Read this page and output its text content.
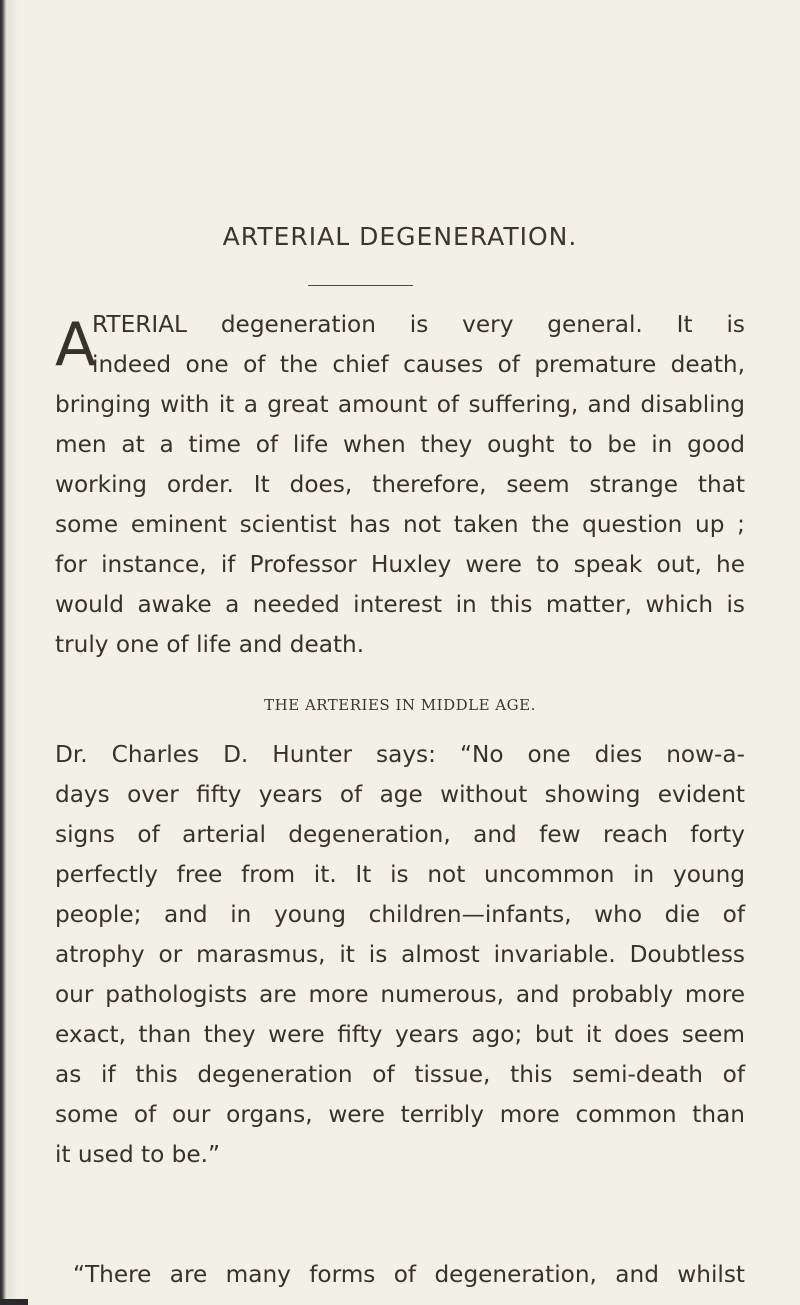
ARTERIAL DEGENERATION.
A
RTERIAL degeneration is very general. It is
indeed one of the chief causes of premature death,
bringing with it a great amount of suffering, and disabling
men at a time of life when they ought to be in good
working order. It does, therefore, seem strange that
some eminent scientist has not taken the question up ;
for instance, if Professor Huxley were to speak out, he
would awake a needed interest in this matter, which is
truly one of life and death.
THE ARTERIES IN MIDDLE AGE.
Dr. Charles D. Hunter says: “No one dies now-a-
days over fifty years of age without showing evident
signs of arterial degeneration, and few reach forty
perfectly free from it. It is not uncommon in young
people; and in young children—infants, who die of
atrophy or marasmus, it is almost invariable. Doubtless
our pathologists are more numerous, and probably more
exact, than they were fifty years ago; but it does seem
as if this degeneration of tissue, this semi-death of
some of our organs, were terribly more common than
it used to be.”
“There are many forms of degeneration, and whilst
